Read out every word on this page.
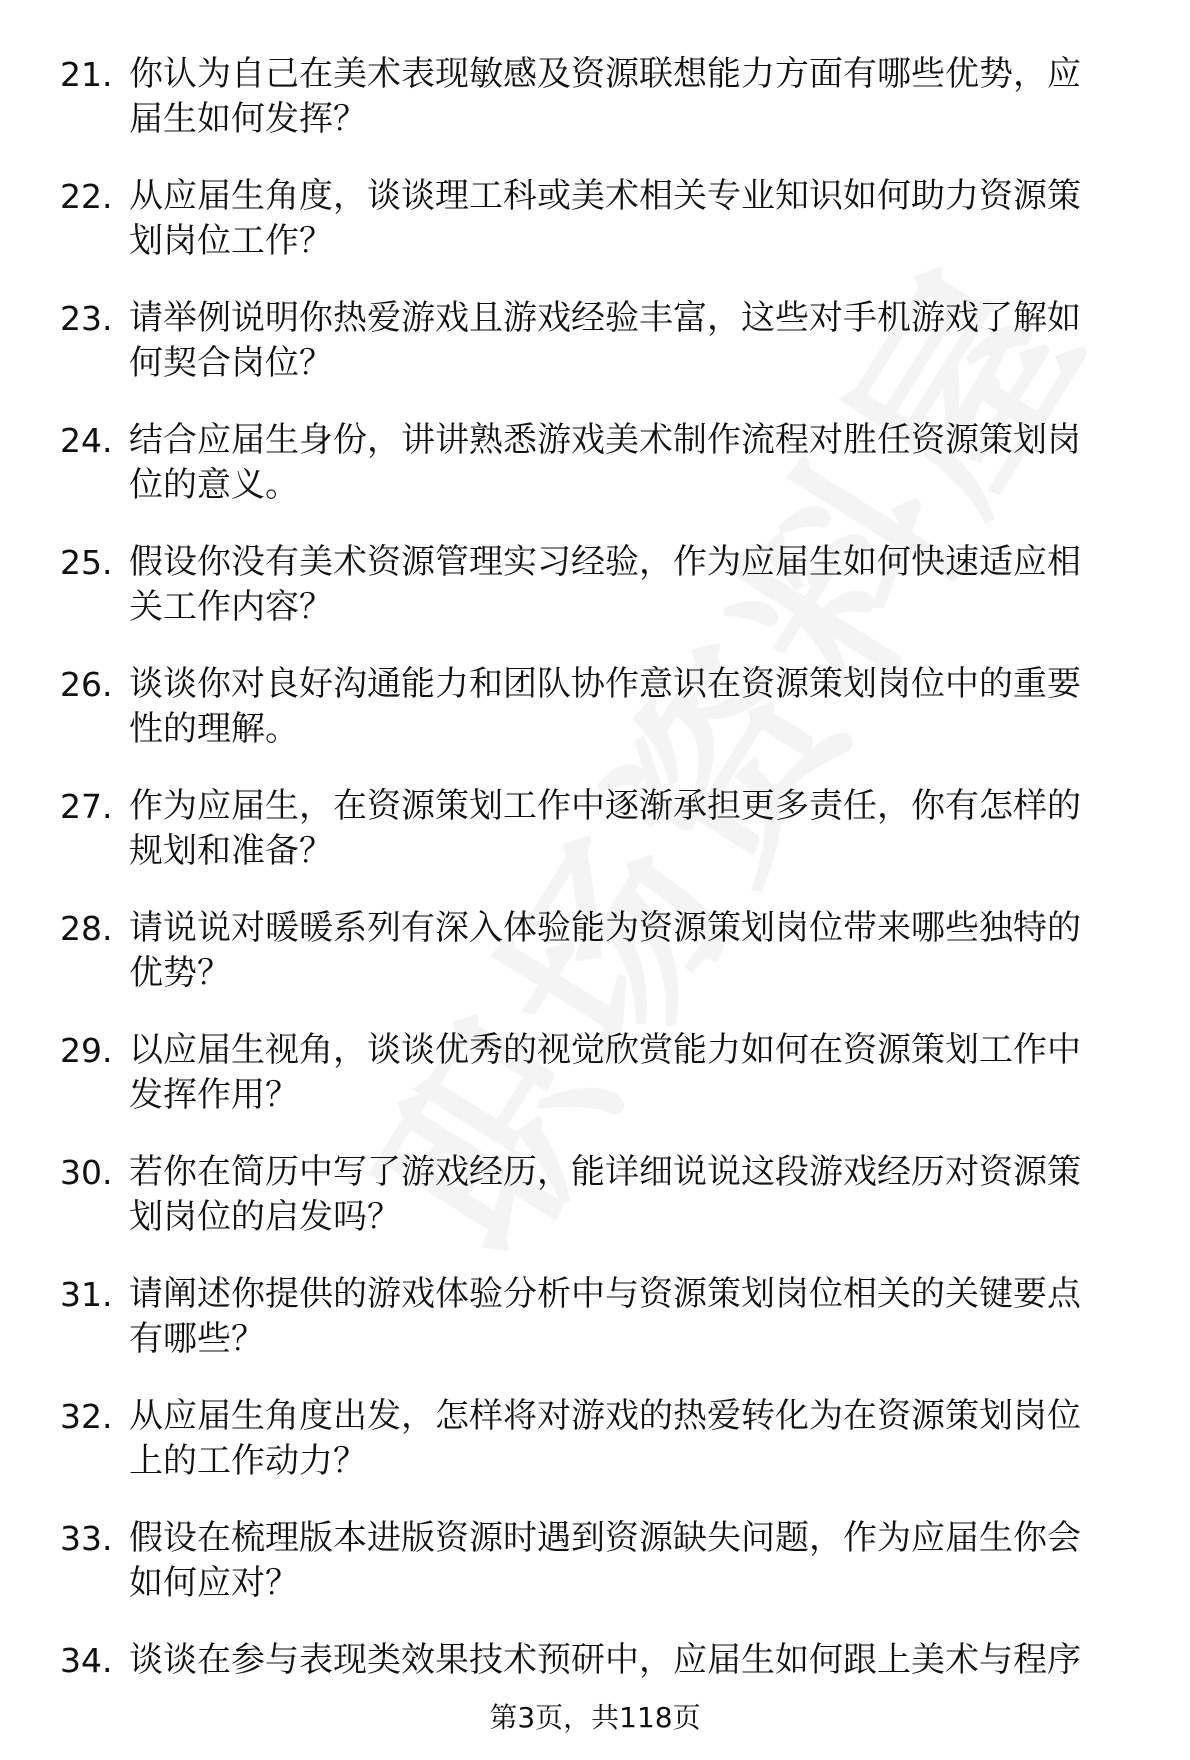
21. 你认为自己在美术表现敏感及资源联想能力方面有哪些优势，应
届生如何发挥？
22. 从应届生角度，谈谈理工科或美术相关专业知识如何助力资源策
划岗位工作？
23. 请举例说明你热爱游戏且游戏经验丰富，这些对手机游戏了解如
何契合岗位？
24. 结合应届生身份，讲讲熟悉游戏美术制作流程对胜任资源策划岗
位的意义。
25. 假设你没有美术资源管理实习经验，作为应届生如何快速适应相
关工作内容？
26. 谈谈你对良好沟通能力和团队协作意识在资源策划岗位中的重要
性的理解。
27. 作为应届生，在资源策划工作中逐渐承担更多责任，你有怎样的
规划和准备？
28. 请说说对暖暖系列有深入体验能为资源策划岗位带来哪些独特的
优势？
29. 以应届生视角，谈谈优秀的视觉欣赏能力如何在资源策划工作中
发挥作用？
30. 若你在简历中写了游戏经历，能详细说说这段游戏经历对资源策
划岗位的启发吗？
31. 请阐述你提供的游戏体验分析中与资源策划岗位相关的关键要点
有哪些？
32. 从应届生角度出发，怎样将对游戏的热爱转化为在资源策划岗位
上的工作动力？
33. 假设在梳理版本进版资源时遇到资源缺失问题，作为应届生你会
如何应对？
34. 谈谈在参与表现类效果技术预研中，应届生如何跟上美术与程序
第3页，共118页
